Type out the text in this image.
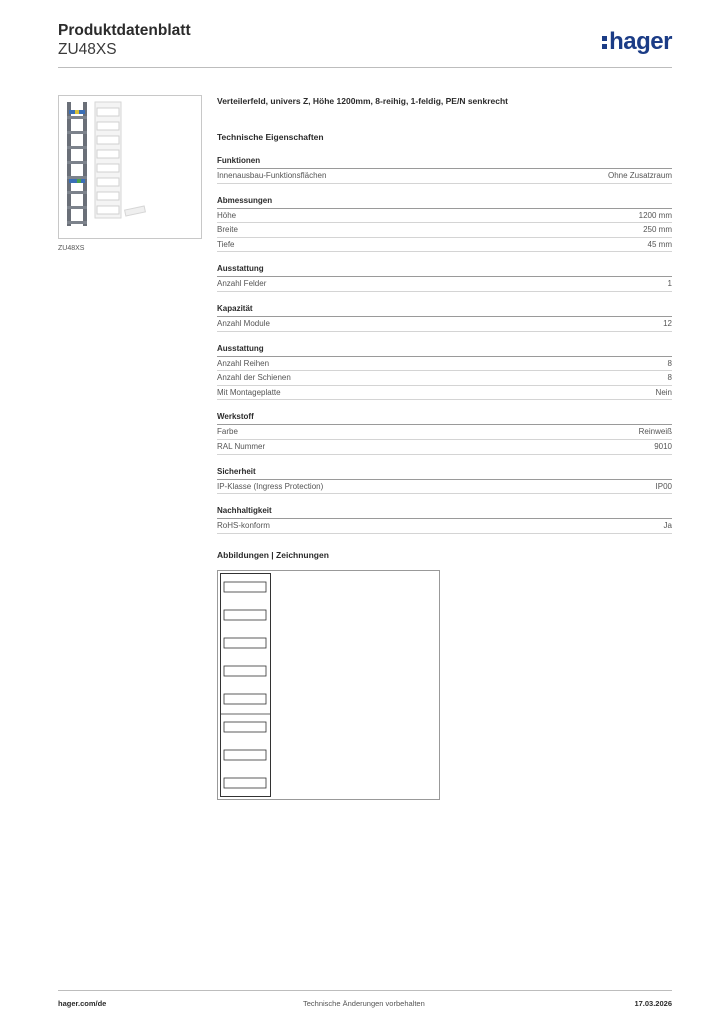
Produktdatenblatt
ZU48XS	hager
ZU48XS
Verteilerfeld, univers Z, Höhe 1200mm, 8-reihig, 1-feldig, PE/N senkrecht
Technische Eigenschaften
Funktionen
Innenausbau-Funktionsflächen	Ohne Zusatzraum
Abmessungen
Höhe	1200 mm
Breite	250 mm
Tiefe	45 mm
Ausstattung
Anzahl Felder	1
Kapazität
Anzahl Module	12
Ausstattung
Anzahl Reihen	8
Anzahl der Schienen	8
Mit Montageplatte	Nein
Werkstoff
Farbe	Reinweiß
RAL Nummer	9010
Sicherheit
IP-Klasse (Ingress Protection)	IP00
Nachhaltigkeit
RoHS-konform	Ja
Abbildungen | Zeichnungen
hager.com/de	Technische Änderungen vorbehalten	17.03.2026
